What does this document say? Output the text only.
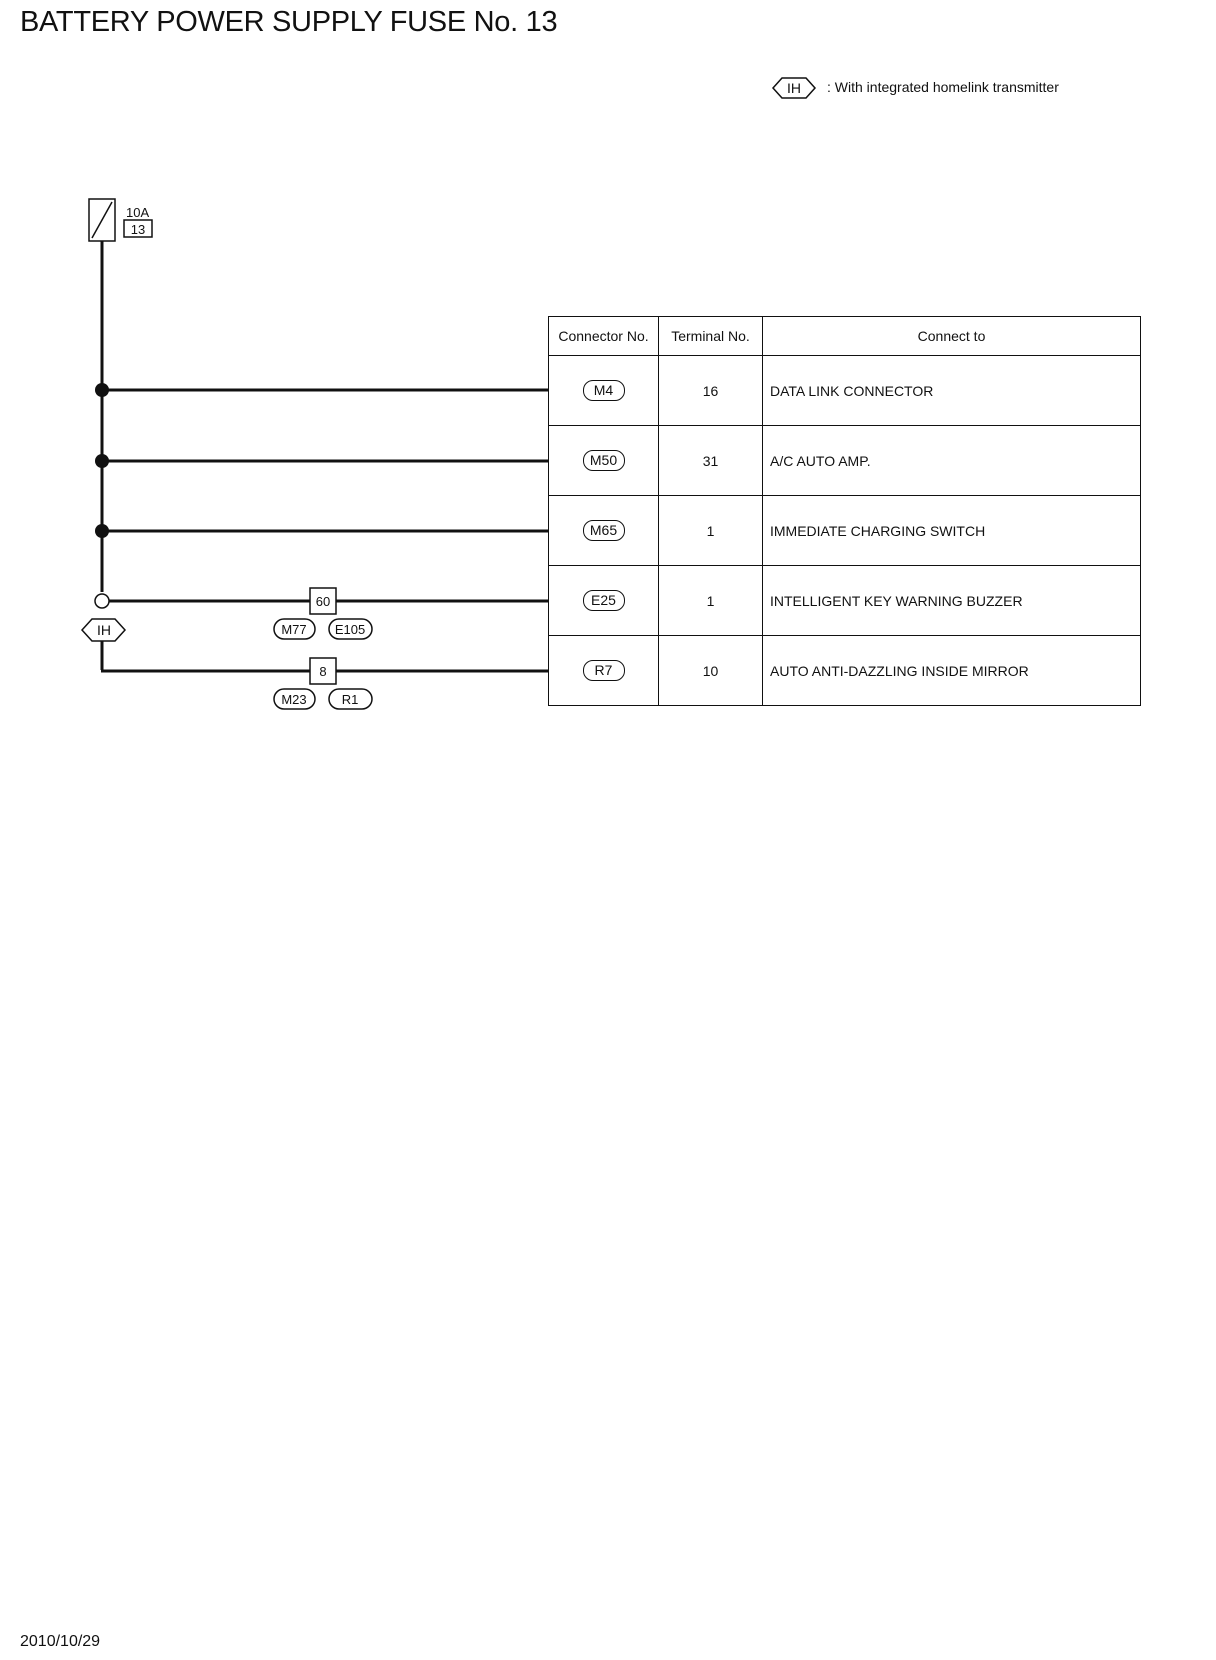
BATTERY POWER SUPPLY FUSE No. 13
IH
10A
13
IH
60
M77 E105
8
M23	R1
: With integrated homelink transmitter
Connector No.	Terminal No.	Connect to
M4	16	DATA LINK CONNECTOR
M50	31	A/C AUTO AMP.
M65	1	IMMEDIATE CHARGING SWITCH
E25	1	INTELLIGENT KEY WARNING BUZZER
R7	10	AUTO ANTI-DAZZLING INSIDE MIRROR
2010/10/29
